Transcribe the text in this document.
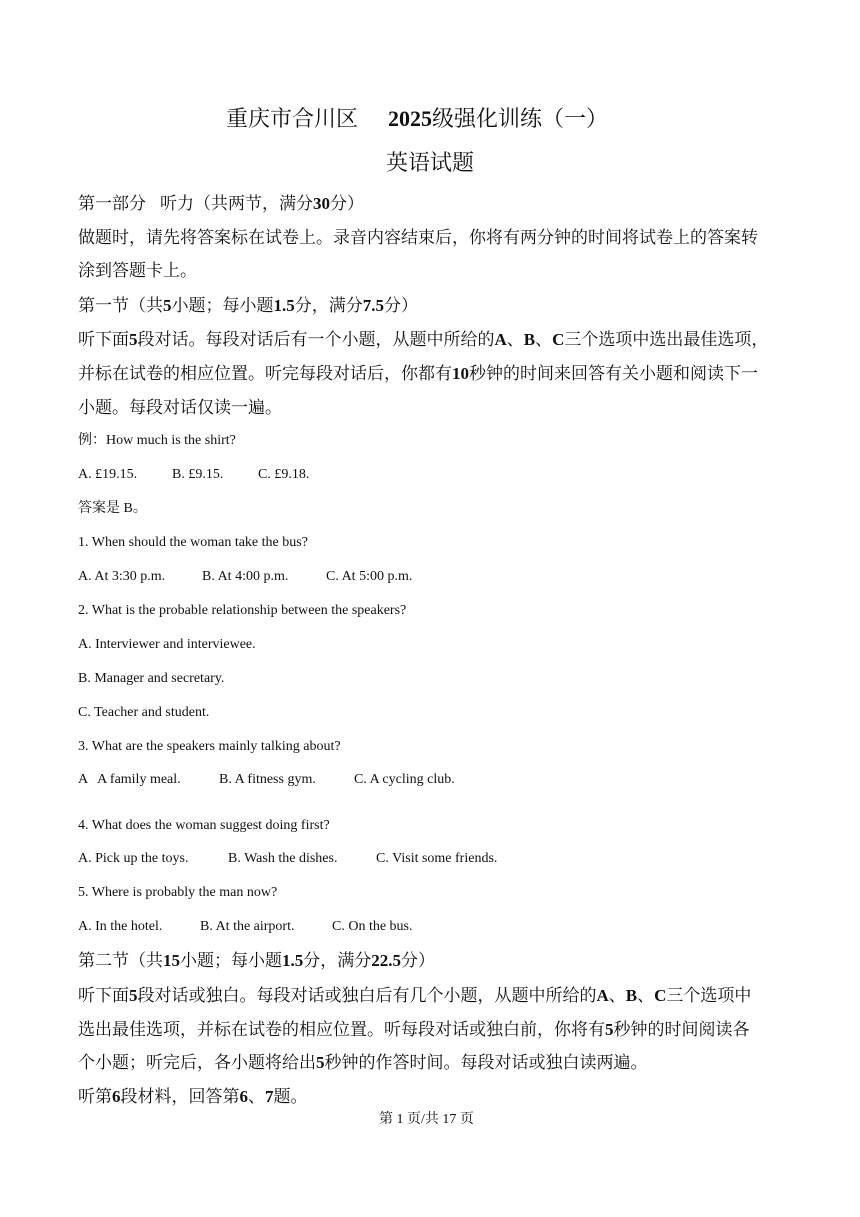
重庆市合川区 2025级强化训练（一）
英语试题
第一部分 听力（共两节，满分30分）
做题时，请先将答案标在试卷上。录音内容结束后，你将有两分钟的时间将试卷上的答案转
涂到答题卡上。
第一节（共5小题；每小题1.5分，满分7.5分）
听下面5段对话。每段对话后有一个小题，从题中所给的A、B、C三个选项中选出最佳选项，
并标在试卷的相应位置。听完每段对话后，你都有10秒钟的时间来回答有关小题和阅读下一
小题。每段对话仅读一遍。
例：How much is the shirt?
A. £19.15. B. £9.15. C. £9.18.
答案是 B。
1. When should the woman take the bus?
A. At 3:30 p.m.	B. At 4:00 p.m.	C. At 5:00 p.m.
2. What is the probable relationship between the speakers?
A. Interviewer and interviewee.
B. Manager and secretary.
C. Teacher and student.
3. What are the speakers mainly talking about?
A   A family meal.	B. A fitness gym.	C. A cycling club.
4. What does the woman suggest doing first?
A. Pick up the toys.	B. Wash the dishes.	C. Visit some friends.
5. Where is probably the man now?
A. In the hotel.	B. At the airport.	C. On the bus.
第二节（共15小题；每小题1.5分，满分22.5分）
听下面5段对话或独白。每段对话或独白后有几个小题，从题中所给的A、B、C三个选项中
选出最佳选项，并标在试卷的相应位置。听每段对话或独白前，你将有5秒钟的时间阅读各
个小题；听完后，各小题将给出5秒钟的作答时间。每段对话或独白读两遍。
听第6段材料，回答第6、7题。
第 1 页/共 17 页
